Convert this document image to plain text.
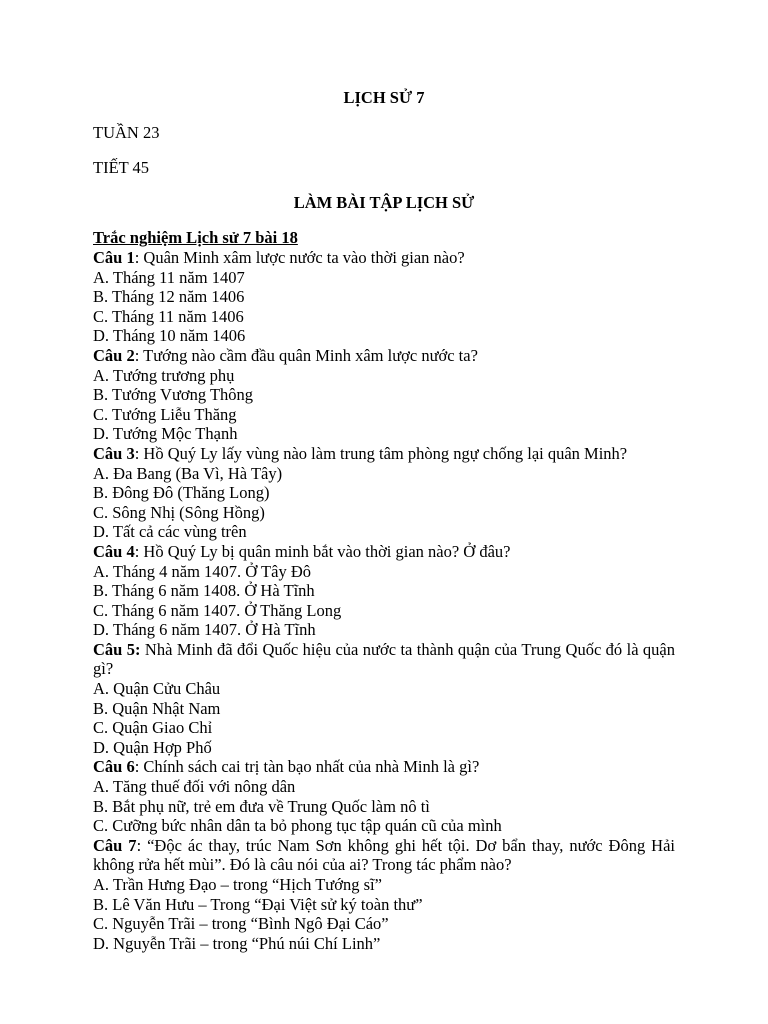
LỊCH SỬ 7
TUẦN 23
TIẾT 45
LÀM BÀI TẬP LỊCH SỬ
Trắc nghiệm Lịch sử 7 bài 18
Câu 1: Quân Minh xâm lược nước ta vào thời gian nào?
A. Tháng 11 năm 1407
B. Tháng 12 năm 1406
C. Tháng 11 năm 1406
D. Tháng 10 năm 1406
Câu 2: Tướng nào cầm đầu quân Minh xâm lược nước ta?
A. Tướng trương phụ
B. Tướng Vương Thông
C. Tướng Liễu Thăng
D. Tướng Mộc Thạnh
Câu 3: Hồ Quý Ly lấy vùng nào làm trung tâm phòng ngự chống lại quân Minh?
A. Đa Bang (Ba Vì, Hà Tây)
B. Đông Đô (Thăng Long)
C. Sông Nhị (Sông Hồng)
D. Tất cả các vùng trên
Câu 4: Hồ Quý Ly bị quân minh bắt vào thời gian nào? Ở đâu?
A. Tháng 4 năm 1407. Ở Tây Đô
B. Tháng 6 năm 1408. Ở Hà Tĩnh
C. Tháng 6 năm 1407. Ở Thăng Long
D. Tháng 6 năm 1407. Ở Hà Tĩnh
Câu 5: Nhà Minh đã đổi Quốc hiệu của nước ta thành quận của Trung Quốc đó là quận gì?
A. Quận Cửu Châu
B. Quận Nhật Nam
C. Quận Giao Chỉ
D. Quận Hợp Phố
Câu 6: Chính sách cai trị tàn bạo nhất của nhà Minh là gì?
A. Tăng thuế đối với nông dân
B. Bắt phụ nữ, trẻ em đưa về Trung Quốc làm nô tì
C. Cưỡng bức nhân dân ta bỏ phong tục tập quán cũ của mình
Câu 7: “Độc ác thay, trúc Nam Sơn không ghi hết tội. Dơ bẩn thay, nước Đông Hải không rửa hết mùi”. Đó là câu nói của ai? Trong tác phẩm nào?
A. Trần Hưng Đạo – trong “Hịch Tướng sĩ”
B. Lê Văn Hưu – Trong “Đại Việt sử ký toàn thư”
C. Nguyễn Trãi – trong “Bình Ngô Đại Cáo”
D. Nguyễn Trãi – trong “Phú núi Chí Linh”
